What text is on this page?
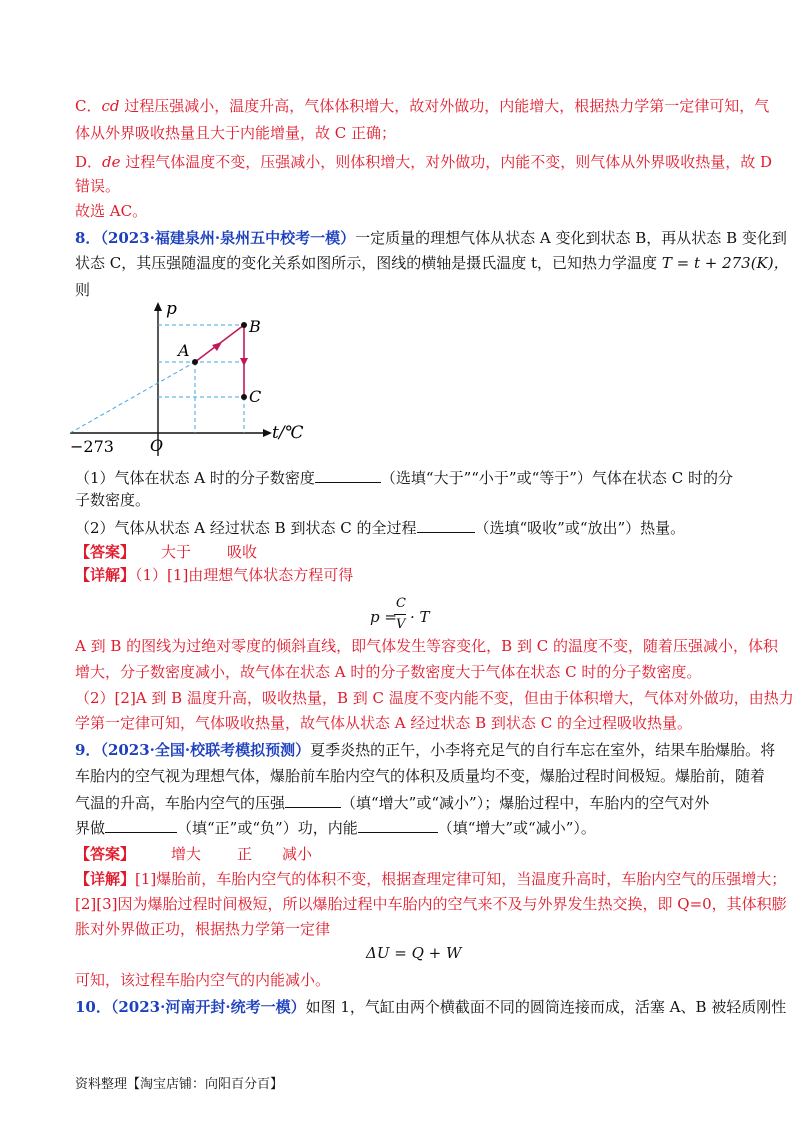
C．cd 过程压强减小，温度升高，气体体积增大，故对外做功，内能增大，根据热力学第一定律可知，气
体从外界吸收热量且大于内能增量，故 C 正确；
D．de 过程气体温度不变，压强减小，则体积增大，对外做功，内能不变，则气体从外界吸收热量，故 D
错误。
故选 AC。
8．（2023·福建泉州·泉州五中校考一模）一定质量的理想气体从状态 A 变化到状态 B，再从状态 B 变化到
状态 C，其压强随温度的变化关系如图所示，图线的横轴是摄氏温度 t，已知热力学温度 T = t + 273(K)，
则
p
t/℃
O
−273
A
B
C
（1）气体在状态 A 时的分子数密度	（选填“大于”“小于”或“等于”）气体在状态 C 时的分
子数密度。
（2）气体从状态 A 经过状态 B 到状态 C 的全过程	（选填“吸收”或“放出”）热量。
【答案】 大于 吸收
【详解】（1）[1]由理想气体状态方程可得
p =
C
V · T
A 到 B 的图线为过绝对零度的倾斜直线，即气体发生等容变化，B 到 C 的温度不变，随着压强减小，体积
增大，分子数密度减小，故气体在状态 A 时的分子数密度大于气体在状态 C 时的分子数密度。
（2）[2]A 到 B 温度升高，吸收热量，B 到 C 温度不变内能不变，但由于体积增大，气体对外做功，由热力
学第一定律可知，气体吸收热量，故气体从状态 A 经过状态 B 到状态 C 的全过程吸收热量。
9．（2023·全国·校联考模拟预测）夏季炎热的正午，小李将充足气的自行车忘在室外，结果车胎爆胎。将
车胎内的空气视为理想气体，爆胎前车胎内空气的体积及质量均不变，爆胎过程时间极短。爆胎前，随着
气温的升高，车胎内空气的压强	（填“增大”或“减小”）；爆胎过程中，车胎内的空气对外
界做	（填“正”或“负”）功，内能	（填“增大”或“减小”）。
【答案】 增大 正 减小
【详解】[1]爆胎前，车胎内空气的体积不变，根据查理定律可知，当温度升高时，车胎内空气的压强增大；
[2][3]因为爆胎过程时间极短，所以爆胎过程中车胎内的空气来不及与外界发生热交换，即 Q=0，其体积膨
胀对外界做正功，根据热力学第一定律
ΔU = Q + W
可知，该过程车胎内空气的内能减小。
10．（2023·河南开封·统考一模）如图 1，气缸由两个横截面不同的圆筒连接而成，活塞 A、B 被轻质刚性
资料整理【淘宝店铺：向阳百分百】
